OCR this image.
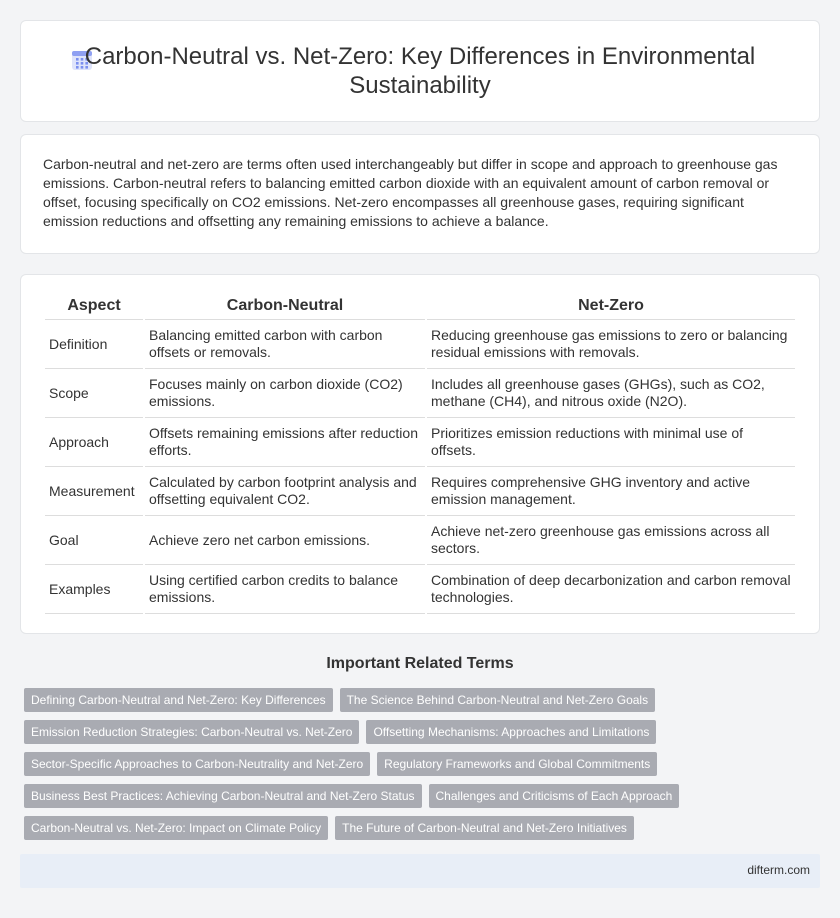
Carbon-Neutral vs. Net-Zero: Key Differences in Environmental Sustainability

Carbon-neutral and net-zero are terms often used interchangeably but differ in scope and approach to greenhouse gas emissions. Carbon-neutral refers to balancing emitted carbon dioxide with an equivalent amount of carbon removal or offset, focusing specifically on CO2 emissions. Net-zero encompasses all greenhouse gases, requiring significant emission reductions and offsetting any remaining emissions to achieve a balance.

Aspect	Carbon-Neutral	Net-Zero
Definition	Balancing emitted carbon with carbon offsets or removals.	Reducing greenhouse gas emissions to zero or balancing residual emissions with removals.
Scope	Focuses mainly on carbon dioxide (CO2) emissions.	Includes all greenhouse gases (GHGs), such as CO2, methane (CH4), and nitrous oxide (N2O).
Approach	Offsets remaining emissions after reduction efforts.	Prioritizes emission reductions with minimal use of offsets.
Measurement	Calculated by carbon footprint analysis and offsetting equivalent CO2.	Requires comprehensive GHG inventory and active emission management.
Goal	Achieve zero net carbon emissions.	Achieve net-zero greenhouse gas emissions across all sectors.
Examples	Using certified carbon credits to balance emissions.	Combination of deep decarbonization and carbon removal technologies.
Important Related Terms
Defining Carbon-Neutral and Net-Zero: Key Differences	The Science Behind Carbon-Neutral and Net-Zero Goals
Emission Reduction Strategies: Carbon-Neutral vs. Net-Zero	Offsetting Mechanisms: Approaches and Limitations
Sector-Specific Approaches to Carbon-Neutrality and Net-Zero	Regulatory Frameworks and Global Commitments
Business Best Practices: Achieving Carbon-Neutral and Net-Zero Status	Challenges and Criticisms of Each Approach
Carbon-Neutral vs. Net-Zero: Impact on Climate Policy	The Future of Carbon-Neutral and Net-Zero Initiatives
difterm.com
